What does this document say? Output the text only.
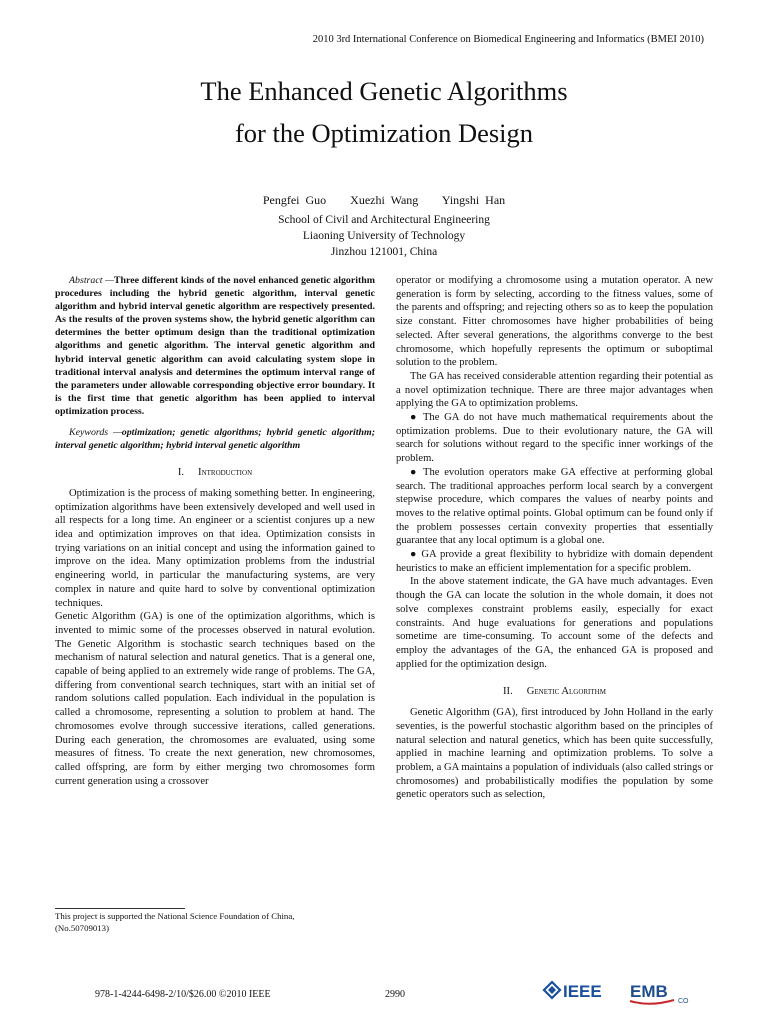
2010 3rd International Conference on Biomedical Engineering and Informatics (BMEI 2010)
The Enhanced Genetic Algorithms
for the Optimization Design
Pengfei Guo    Xuezhi Wang    Yingshi Han
School of Civil and Architectural Engineering
Liaoning University of Technology
Jinzhou 121001, China

Abstract —Three different kinds of the novel enhanced genetic algorithm procedures including the hybrid genetic algorithm, interval genetic algorithm and hybrid interval genetic algorithm are respectively presented. As the results of the proven systems show, the hybrid genetic algorithm can determines the better optimum design than the traditional optimization algorithms and genetic algorithm. The interval genetic algorithm and hybrid interval genetic algorithm can avoid calculating system slope in traditional interval analysis and determines the optimum interval range of the parameters under allowable corresponding objective error boundary. It is the first time that genetic algorithm has been applied to interval optimization process.

Keywords —optimization; genetic algorithms; hybrid genetic algorithm; interval genetic algorithm; hybrid interval genetic algorithm

I. Introduction

Optimization is the process of making something better. In engineering, optimization algorithms have been extensively developed and well used in all respects for a long time. An engineer or a scientist conjures up a new idea and optimization improves on that idea. Optimization consists in trying variations on an initial concept and using the information gained to improve on the idea. Many optimization problems from the industrial engineering world, in particular the manufacturing systems, are very complex in nature and quite hard to solve by conventional optimization techniques.

Genetic Algorithm (GA) is one of the optimization algorithms, which is invented to mimic some of the processes observed in natural evolution. The Genetic Algorithm is stochastic search techniques based on the mechanism of natural selection and natural genetics. That is a general one, capable of being applied to an extremely wide range of problems. The GA, differing from conventional search techniques, start with an initial set of random solutions called population. Each individual in the population is called a chromosome, representing a solution to problem at hand. The chromosomes evolve through successive iterations, called generations. During each generation, the chromosomes are evaluated, using some measures of fitness. To create the next generation, new chromosomes, called offspring, are form by either merging two chromosomes form current generation using a crossover

operator or modifying a chromosome using a mutation operator. A new generation is form by selecting, according to the fitness values, some of the parents and offspring; and rejecting others so as to keep the population size constant. Fitter chromosomes have higher probabilities of being selected. After several generations, the algorithms converge to the best chromosome, which hopefully represents the optimum or suboptimal solution to the problem.

The GA has received considerable attention regarding their potential as a novel optimization technique. There are three major advantages when applying the GA to optimization problems.

● The GA do not have much mathematical requirements about the optimization problems. Due to their evolutionary nature, the GA will search for solutions without regard to the specific inner workings of the problem.

● The evolution operators make GA effective at performing global search. The traditional approaches perform local search by a convergent stepwise procedure, which compares the values of nearby points and moves to the relative optimal points. Global optimum can be found only if the problem possesses certain convexity properties that essentially guarantee that any local optimum is a global one.

● GA provide a great flexibility to hybridize with domain dependent heuristics to make an efficient implementation for a specific problem.

In the above statement indicate, the GA have much advantages. Even though the GA can locate the solution in the whole domain, it does not solve complexes constraint problems easily, especially for exact constraints. And huge evaluations for generations and populations sometime are time-consuming. To account some of the defects and employ the advantages of the GA, the enhanced GA is proposed and applied for the optimization design.

II. Genetic Algorithm

Genetic Algorithm (GA), first introduced by John Holland in the early seventies, is the powerful stochastic algorithm based on the principles of natural selection and natural genetics, which has been quite successfully, applied in machine learning and optimization problems. To solve a problem, a GA maintains a population of individuals (also called strings or chromosomes) and probabilistically modifies the population by some genetic operators such as selection,

This project is supported the National Science Foundation of China,
(No.50709013)
978-1-4244-6498-2/10/$26.00 ©2010 IEEE	2990	IEEE EMB
CO
